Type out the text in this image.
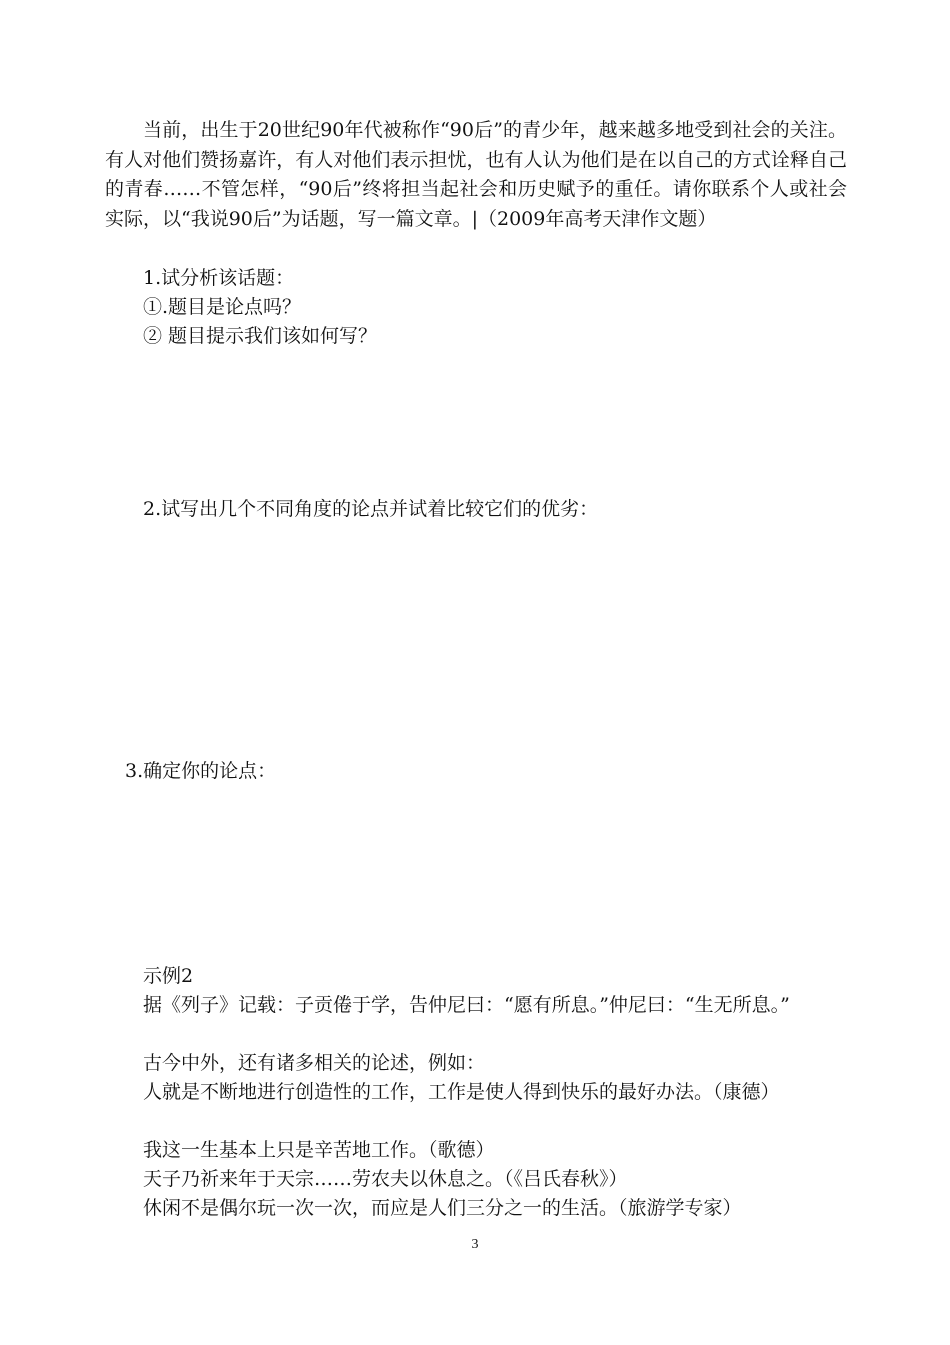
当前，出生于20世纪90年代被称作“90后”的青少年，越来越多地受到社会的关注。有人对他们赞扬嘉许，有人对他们表示担忧，也有人认为他们是在以自己的方式诠释自己的青春……不管怎样，“90后”终将担当起社会和历史赋予的重任。请你联系个人或社会实际，以“我说90后”为话题，写一篇文章。|（2009年高考天津作文题）

1.试分析该话题：

①.题目是论点吗？

② 题目提示我们该如何写？

2.试写出几个不同角度的论点并试着比较它们的优劣：

3.确定你的论点：

示例2

据《列子》记载：子贡倦于学，告仲尼曰：“愿有所息。”仲尼曰：“生无所息。”

古今中外，还有诸多相关的论述，例如：

人就是不断地进行创造性的工作，工作是使人得到快乐的最好办法。（康德）

我这一生基本上只是辛苦地工作。（歌德）

天子乃祈来年于天宗……劳农夫以休息之。（《吕氏春秋》）

休闲不是偶尔玩一次一次，而应是人们三分之一的生活。（旅游学专家）

3
